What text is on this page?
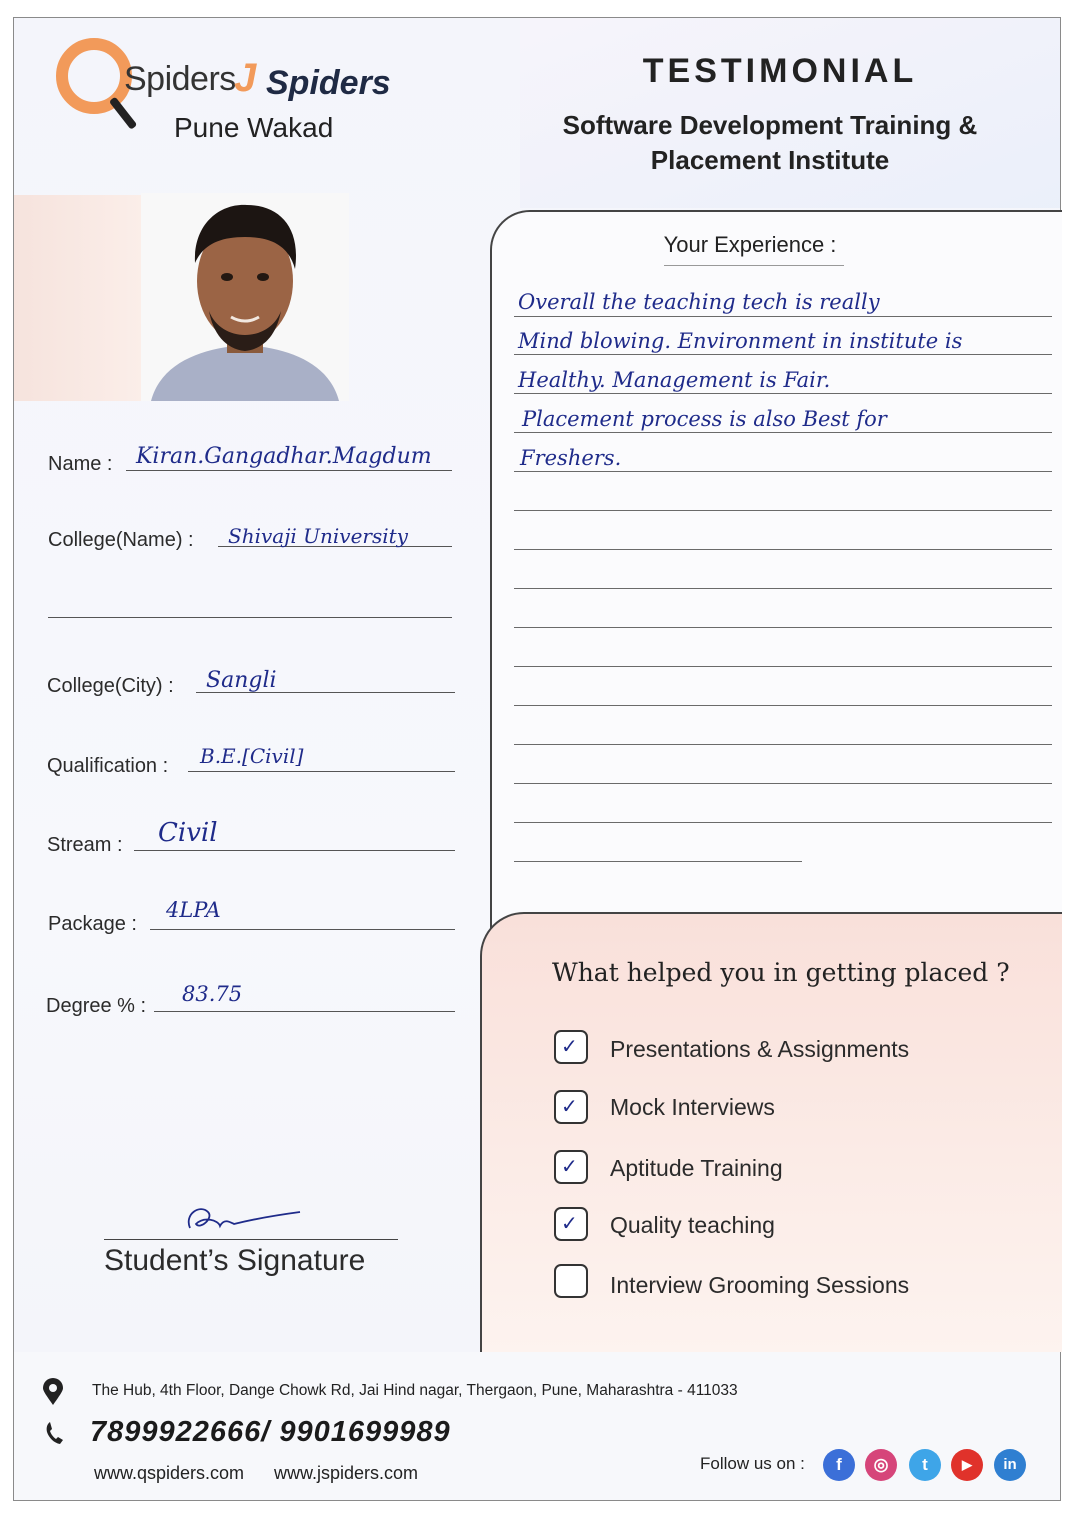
Spiders
J Spiders
Pune Wakad
TESTIMONIAL
Software Development Training &
Placement Institute
Name : Kiran.Gangadhar.Magdum
College(Name) : Shivaji University
College(City) : Sangli
Qualification : B.E.[Civil]
Stream : Civil
Package :
4LPA
Degree % : 83.75
Student’s Signature
Your Experience :
Overall the teaching tech is really
Mind blowing. Environment in institute is
Healthy. Management is Fair.
Placement process is also Best for
Freshers.
What helped you in getting placed ?
✓ Presentations & Assignments
✓ Mock Interviews
✓ Aptitude Training
✓ Quality teaching
Interview Grooming Sessions
The Hub, 4th Floor, Dange Chowk Rd, Jai Hind nagar, Thergaon, Pune, Maharashtra - 411033
7899922666/ 9901699989
www.qspiders.com www.jspiders.com	Follow us on :	f	◎	t	▶	in
